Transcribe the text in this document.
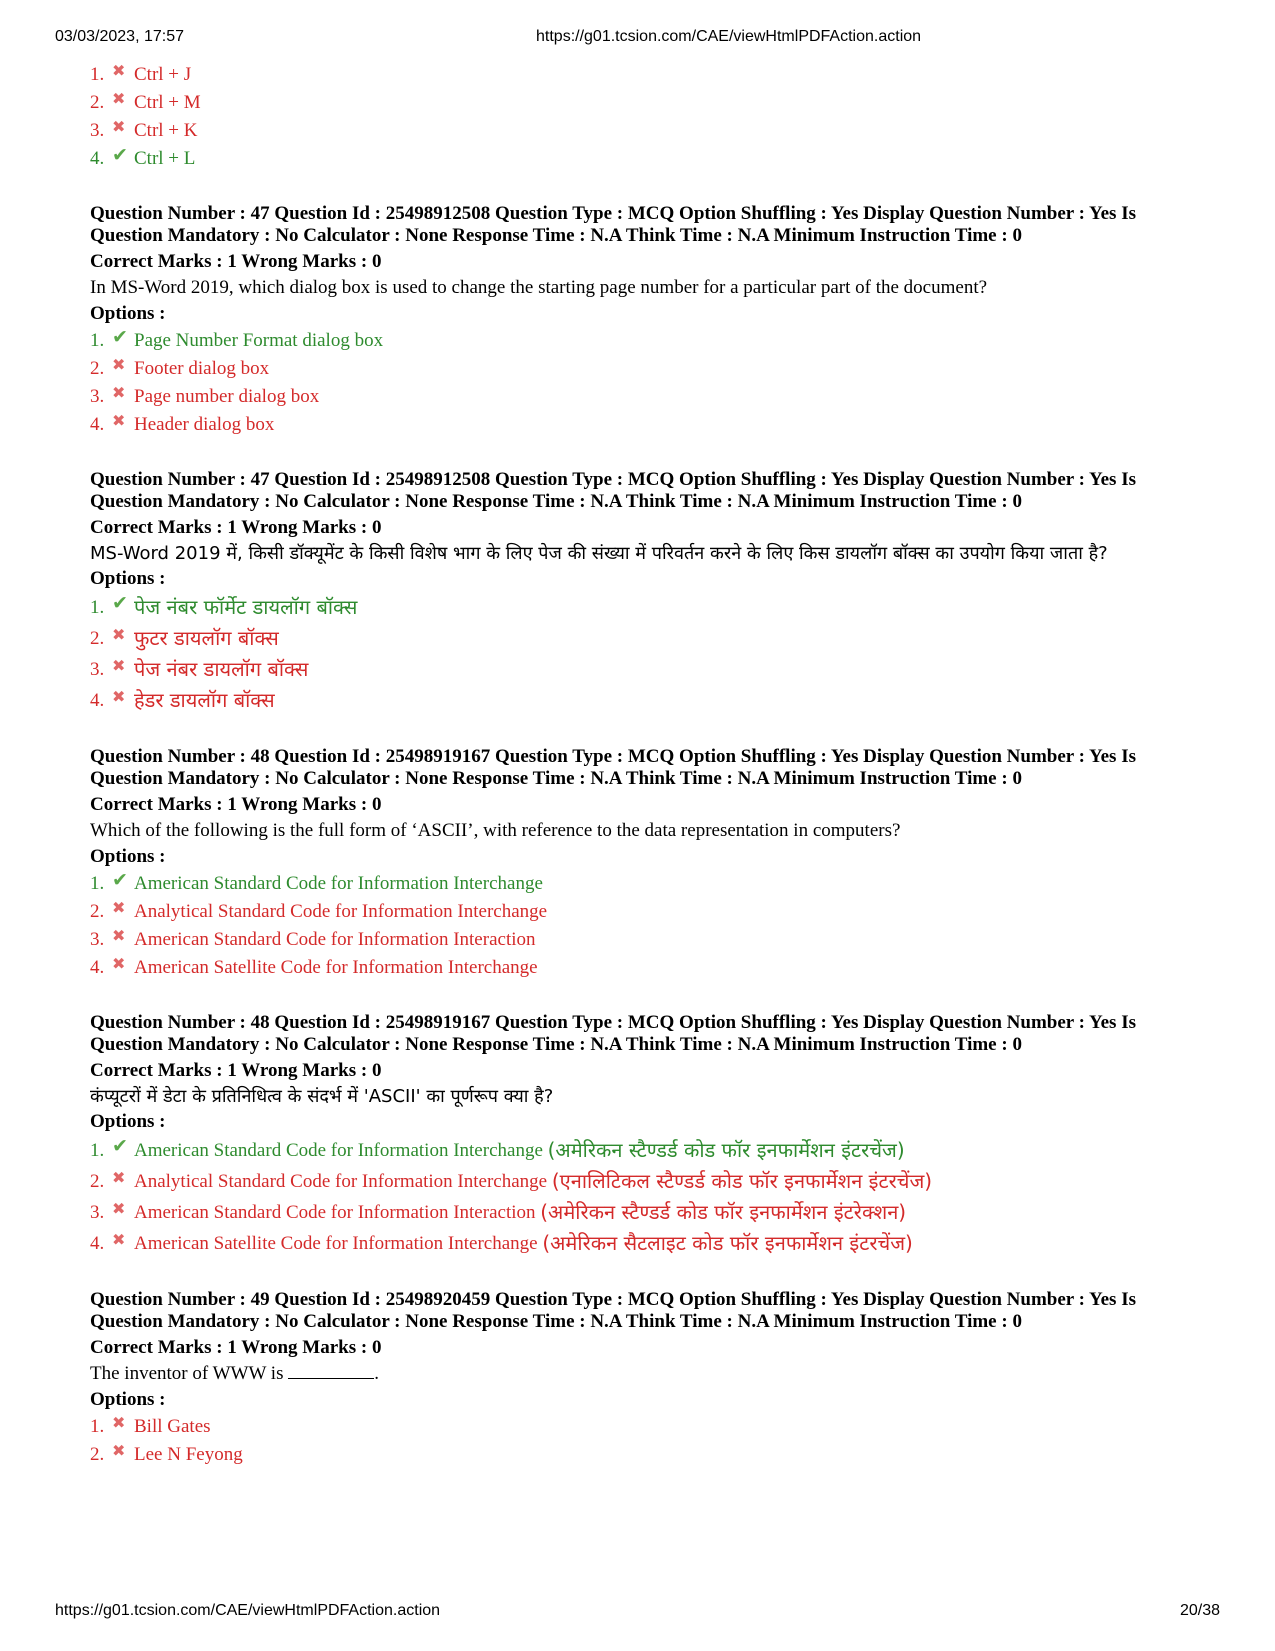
03/03/2023, 17:57	https://g01.tcsion.com/CAE/viewHtmlPDFAction.action
1. ✖ Ctrl + J
2. ✖ Ctrl + M
3. ✖ Ctrl + K
4. ✔ Ctrl + L
Question Number : 47 Question Id : 25498912508 Question Type : MCQ Option Shuffling : Yes Display Question Number : Yes Is
Question Mandatory : No Calculator : None Response Time : N.A Think Time : N.A Minimum Instruction Time : 0
Correct Marks : 1 Wrong Marks : 0
In MS-Word 2019, which dialog box is used to change the starting page number for a particular part of the document?
Options :
1. ✔ Page Number Format dialog box
2. ✖ Footer dialog box
3. ✖ Page number dialog box
4. ✖ Header dialog box
Question Number : 47 Question Id : 25498912508 Question Type : MCQ Option Shuffling : Yes Display Question Number : Yes Is
Question Mandatory : No Calculator : None Response Time : N.A Think Time : N.A Minimum Instruction Time : 0
Correct Marks : 1 Wrong Marks : 0
MS-Word 2019 में, किसी डॉक्यूमेंट के किसी विशेष भाग के लिए पेज की संख्या में परिवर्तन करने के लिए किस डायलॉग बॉक्स का उपयोग किया जाता है?
Options :
1. ✔ पेज नंबर फॉर्मेट डायलॉग बॉक्स
2. ✖ फुटर डायलॉग बॉक्स
3. ✖ पेज नंबर डायलॉग बॉक्स
4. ✖ हेडर डायलॉग बॉक्स
Question Number : 48 Question Id : 25498919167 Question Type : MCQ Option Shuffling : Yes Display Question Number : Yes Is
Question Mandatory : No Calculator : None Response Time : N.A Think Time : N.A Minimum Instruction Time : 0
Correct Marks : 1 Wrong Marks : 0
Which of the following is the full form of ‘ASCII’, with reference to the data representation in computers?
Options :
1. ✔ American Standard Code for Information Interchange
2. ✖ Analytical Standard Code for Information Interchange
3. ✖ American Standard Code for Information Interaction
4. ✖ American Satellite Code for Information Interchange
Question Number : 48 Question Id : 25498919167 Question Type : MCQ Option Shuffling : Yes Display Question Number : Yes Is
Question Mandatory : No Calculator : None Response Time : N.A Think Time : N.A Minimum Instruction Time : 0
Correct Marks : 1 Wrong Marks : 0
कंप्यूटरों में डेटा के प्रतिनिधित्व के संदर्भ में 'ASCII' का पूर्णरूप क्या है?
Options :
1. ✔ American Standard Code for Information Interchange
(अमेरिकन स्टैण्डर्ड कोड फॉर इनफार्मेशन इंटरचेंज)
2. ✖ Analytical Standard Code for Information Interchange
(एनालिटिकल स्टैण्डर्ड कोड फॉर इनफार्मेशन इंटरचेंज)
3. ✖ American Standard Code for Information Interaction
(अमेरिकन स्टैण्डर्ड कोड फॉर इनफार्मेशन इंटरेक्शन)
4. ✖ American Satellite Code for Information Interchange
(अमेरिकन सैटलाइट कोड फॉर इनफार्मेशन इंटरचेंज)
Question Number : 49 Question Id : 25498920459 Question Type : MCQ Option Shuffling : Yes Display Question Number : Yes Is
Question Mandatory : No Calculator : None Response Time : N.A Think Time : N.A Minimum Instruction Time : 0
Correct Marks : 1 Wrong Marks : 0
The inventor of WWW is	.
Options :
1. ✖ Bill Gates
2. ✖ Lee N Feyong
https://g01.tcsion.com/CAE/viewHtmlPDFAction.action	20/38
